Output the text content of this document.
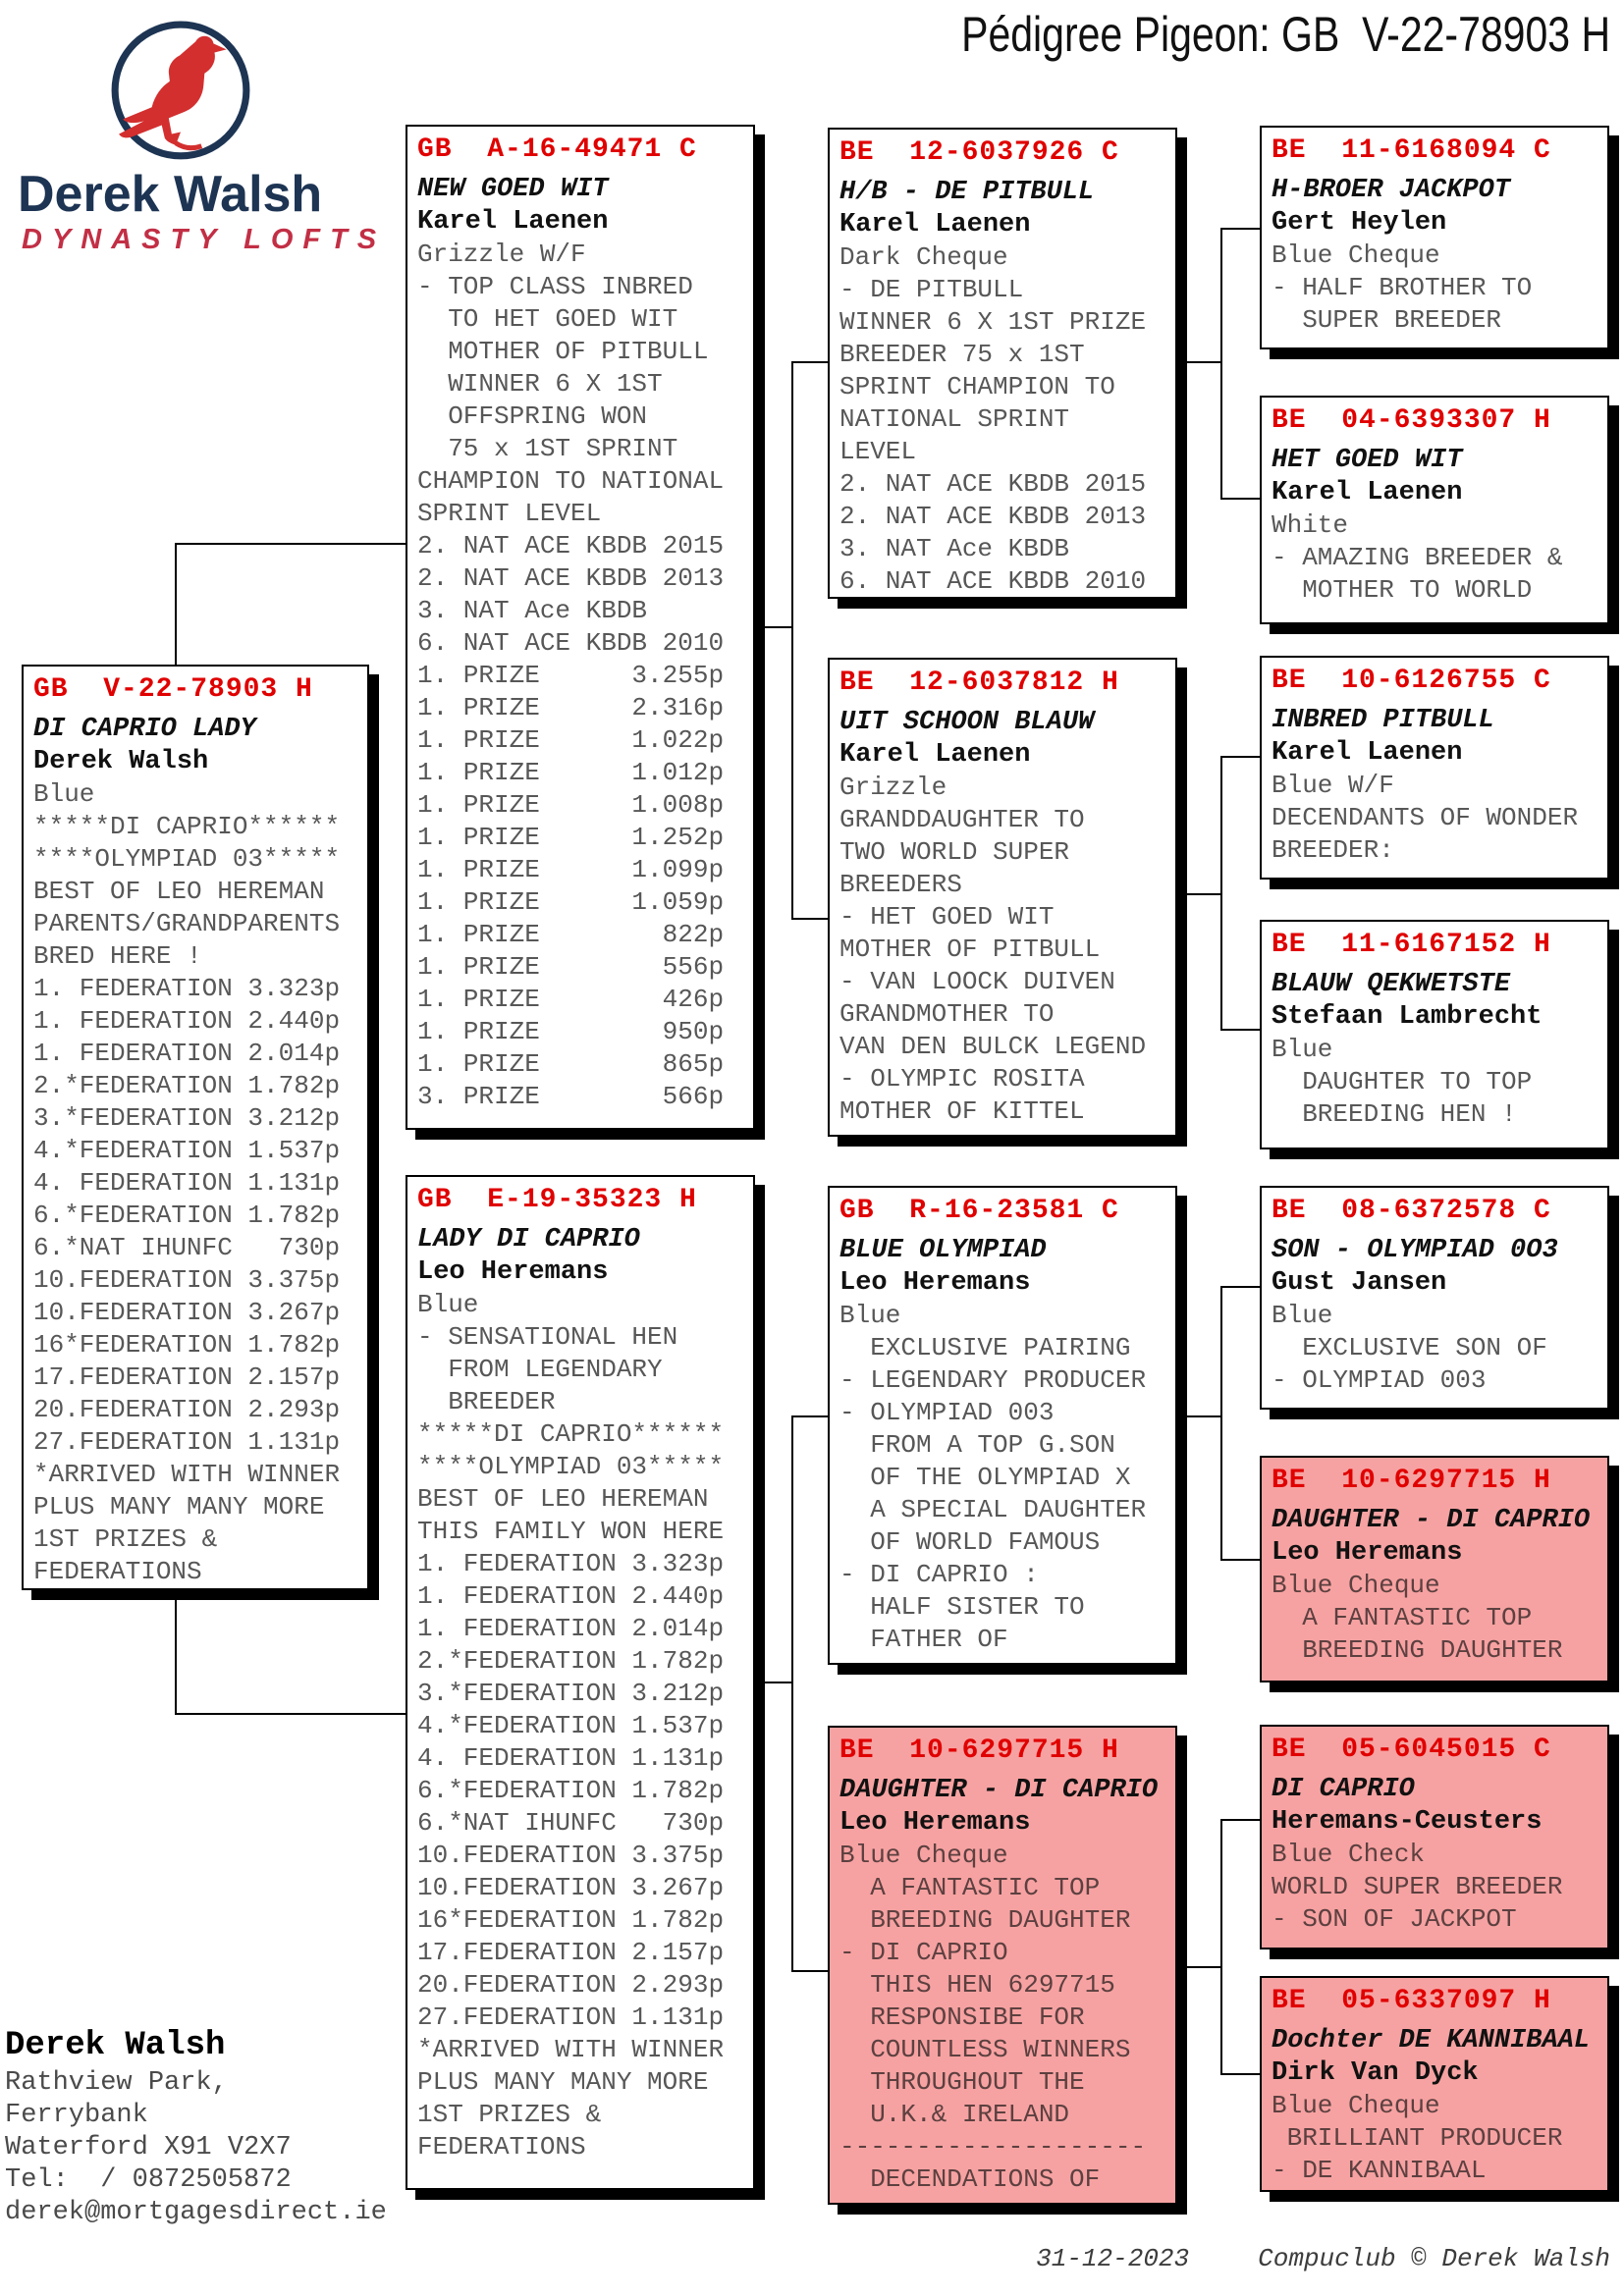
Derek Walsh
DYNASTY LOFTS
Pédigree Pigeon: GB  V-22-78903 H
GB  V-22-78903 H
DI CAPRIO LADY
Derek Walsh
Blue
*****DI CAPRIO******
****OLYMPIAD 03*****
BEST OF LEO HEREMAN
PARENTS/GRANDPARENTS
BRED HERE !
1. FEDERATION 3.323p
1. FEDERATION 2.440p
1. FEDERATION 2.014p
2.*FEDERATION 1.782p
3.*FEDERATION 3.212p
4.*FEDERATION 1.537p
4. FEDERATION 1.131p
6.*FEDERATION 1.782p
6.*NAT IHUNFC   730p
10.FEDERATION 3.375p
10.FEDERATION 3.267p
16*FEDERATION 1.782p
17.FEDERATION 2.157p
20.FEDERATION 2.293p
27.FEDERATION 1.131p
*ARRIVED WITH WINNER
PLUS MANY MANY MORE
1ST PRIZES &
FEDERATIONS
GB  A-16-49471 C
NEW GOED WIT
Karel Laenen
Grizzle W/F
- TOP CLASS INBRED
TO HET GOED WIT
MOTHER OF PITBULL
WINNER 6 X 1ST
OFFSPRING WON
75 x 1ST SPRINT
CHAMPION TO NATIONAL
SPRINT LEVEL
2. NAT ACE KBDB 2015
2. NAT ACE KBDB 2013
3. NAT Ace KBDB
6. NAT ACE KBDB 2010
1. PRIZE      3.255p
1. PRIZE      2.316p
1. PRIZE      1.022p
1. PRIZE      1.012p
1. PRIZE      1.008p
1. PRIZE      1.252p
1. PRIZE      1.099p
1. PRIZE      1.059p
1. PRIZE        822p
1. PRIZE        556p
1. PRIZE        426p
1. PRIZE        950p
1. PRIZE        865p
3. PRIZE        566p
GB  E-19-35323 H
LADY DI CAPRIO
Leo Heremans
Blue
- SENSATIONAL HEN
FROM LEGENDARY
BREEDER
*****DI CAPRIO******
****OLYMPIAD 03*****
BEST OF LEO HEREMAN
THIS FAMILY WON HERE
1. FEDERATION 3.323p
1. FEDERATION 2.440p
1. FEDERATION 2.014p
2.*FEDERATION 1.782p
3.*FEDERATION 3.212p
4.*FEDERATION 1.537p
4. FEDERATION 1.131p
6.*FEDERATION 1.782p
6.*NAT IHUNFC   730p
10.FEDERATION 3.375p
10.FEDERATION 3.267p
16*FEDERATION 1.782p
17.FEDERATION 2.157p
20.FEDERATION 2.293p
27.FEDERATION 1.131p
*ARRIVED WITH WINNER
PLUS MANY MANY MORE
1ST PRIZES &
FEDERATIONS
BE  12-6037926 C
H/B - DE PITBULL
Karel Laenen
Dark Cheque
- DE PITBULL
WINNER 6 X 1ST PRIZE
BREEDER 75 x 1ST
SPRINT CHAMPION TO
NATIONAL SPRINT
LEVEL
2. NAT ACE KBDB 2015
2. NAT ACE KBDB 2013
3. NAT Ace KBDB
6. NAT ACE KBDB 2010
BE  12-6037812 H
UIT SCHOON BLAUW
Karel Laenen
Grizzle
GRANDDAUGHTER TO
TWO WORLD SUPER
BREEDERS
- HET GOED WIT
MOTHER OF PITBULL
- VAN LOOCK DUIVEN
GRANDMOTHER TO
VAN DEN BULCK LEGEND
- OLYMPIC ROSITA
MOTHER OF KITTEL
GB  R-16-23581 C
BLUE OLYMPIAD
Leo Heremans
Blue
EXCLUSIVE PAIRING
- LEGENDARY PRODUCER
- OLYMPIAD 003
FROM A TOP G.SON
OF THE OLYMPIAD X
A SPECIAL DAUGHTER
OF WORLD FAMOUS
- DI CAPRIO :
HALF SISTER TO
FATHER OF
BE  10-6297715 H
DAUGHTER - DI CAPRIO
Leo Heremans
Blue Cheque
A FANTASTIC TOP
BREEDING DAUGHTER
- DI CAPRIO
THIS HEN 6297715
RESPONSIBE FOR
COUNTLESS WINNERS
THROUGHOUT THE
U.K.& IRELAND
--------------------
DECENDATIONS OF
BE  11-6168094 C
H-BROER JACKPOT
Gert Heylen
Blue Cheque
- HALF BROTHER TO
SUPER BREEDER
BE  04-6393307 H
HET GOED WIT
Karel Laenen
White
- AMAZING BREEDER &
MOTHER TO WORLD
BE  10-6126755 C
INBRED PITBULL
Karel Laenen
Blue W/F
DECENDANTS OF WONDER
BREEDER:
BE  11-6167152 H
BLAUW QEKWETSTE
Stefaan Lambrecht
Blue
DAUGHTER TO TOP
BREEDING HEN !
BE  08-6372578 C
SON - OLYMPIAD 0O3
Gust Jansen
Blue
EXCLUSIVE SON OF
- OLYMPIAD 003
BE  10-6297715 H
DAUGHTER - DI CAPRIO
Leo Heremans
Blue Cheque
A FANTASTIC TOP
BREEDING DAUGHTER
BE  05-6045015 C
DI CAPRIO
Heremans-Ceusters
Blue Check
WORLD SUPER BREEDER
- SON OF JACKPOT
BE  05-6337097 H
Dochter DE KANNIBAAL
Dirk Van Dyck
Blue Cheque
BRILLIANT PRODUCER
- DE KANNIBAAL
Derek Walsh
Rathview Park,
Ferrybank
Waterford X91 V2X7
Tel:  / 0872505872
derek@mortgagesdirect.ie
31-12-2023	Compuclub © Derek Walsh
